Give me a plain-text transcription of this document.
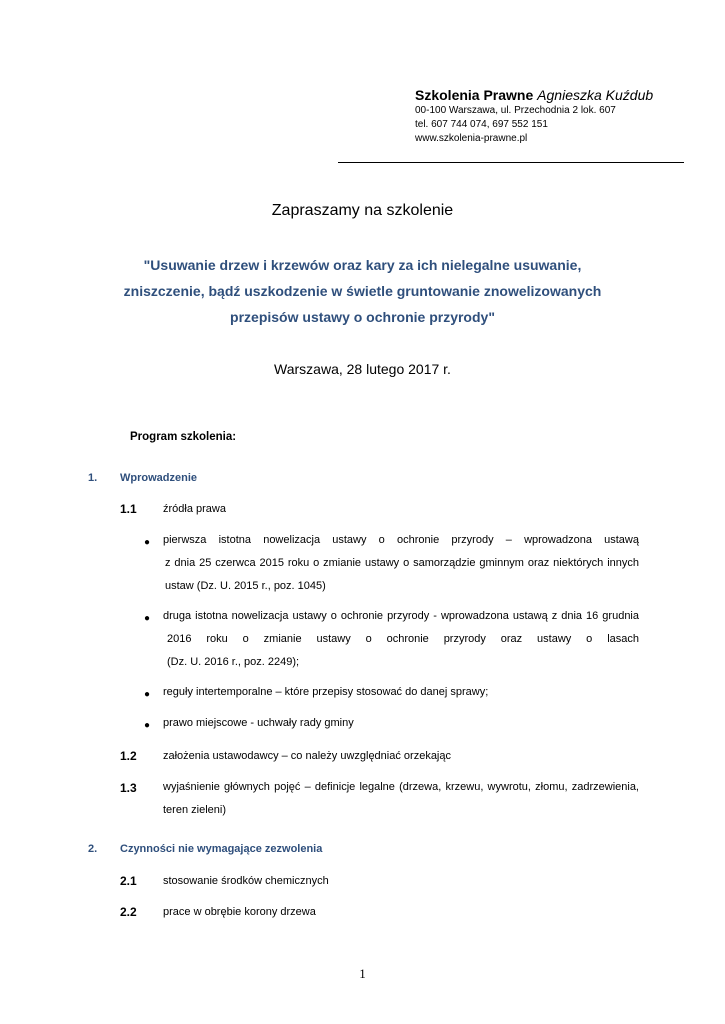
Szkolenia Prawne Agnieszka Kuźdub
00-100 Warszawa, ul. Przechodnia 2 lok. 607
tel. 607 744 074, 697 552 151
www.szkolenia-prawne.pl
Zapraszamy na szkolenie
"Usuwanie drzew i krzewów oraz kary za ich nielegalne usuwanie,
zniszczenie, bądź uszkodzenie w świetle gruntowanie znowelizowanych
przepisów ustawy o ochronie przyrody"
Warszawa, 28 lutego 2017 r.
Program szkolenia:
1. Wprowadzenie
1.1 źródła prawa
● pierwsza istotna nowelizacja ustawy o ochronie przyrody – wprowadzona ustawą
z dnia 25 czerwca 2015 roku o zmianie ustawy o samorządzie gminnym oraz niektórych innych
ustaw (Dz. U. 2015 r., poz. 1045)
● druga istotna nowelizacja ustawy o ochronie przyrody - wprowadzona ustawą z dnia 16 grudnia
2016 roku o zmianie ustawy o ochronie przyrody oraz ustawy o lasach
(Dz. U. 2016 r., poz. 2249);
● reguły intertemporalne – które przepisy stosować do danej sprawy;
● prawo miejscowe - uchwały rady gminy
1.2 założenia ustawodawcy – co należy uwzględniać orzekając
1.3 wyjaśnienie głównych pojęć – definicje legalne (drzewa, krzewu, wywrotu, złomu, zadrzewienia,
teren zieleni)
2. Czynności nie wymagające zezwolenia
2.1 stosowanie środków chemicznych
2.2 prace w obrębie korony drzewa
1
